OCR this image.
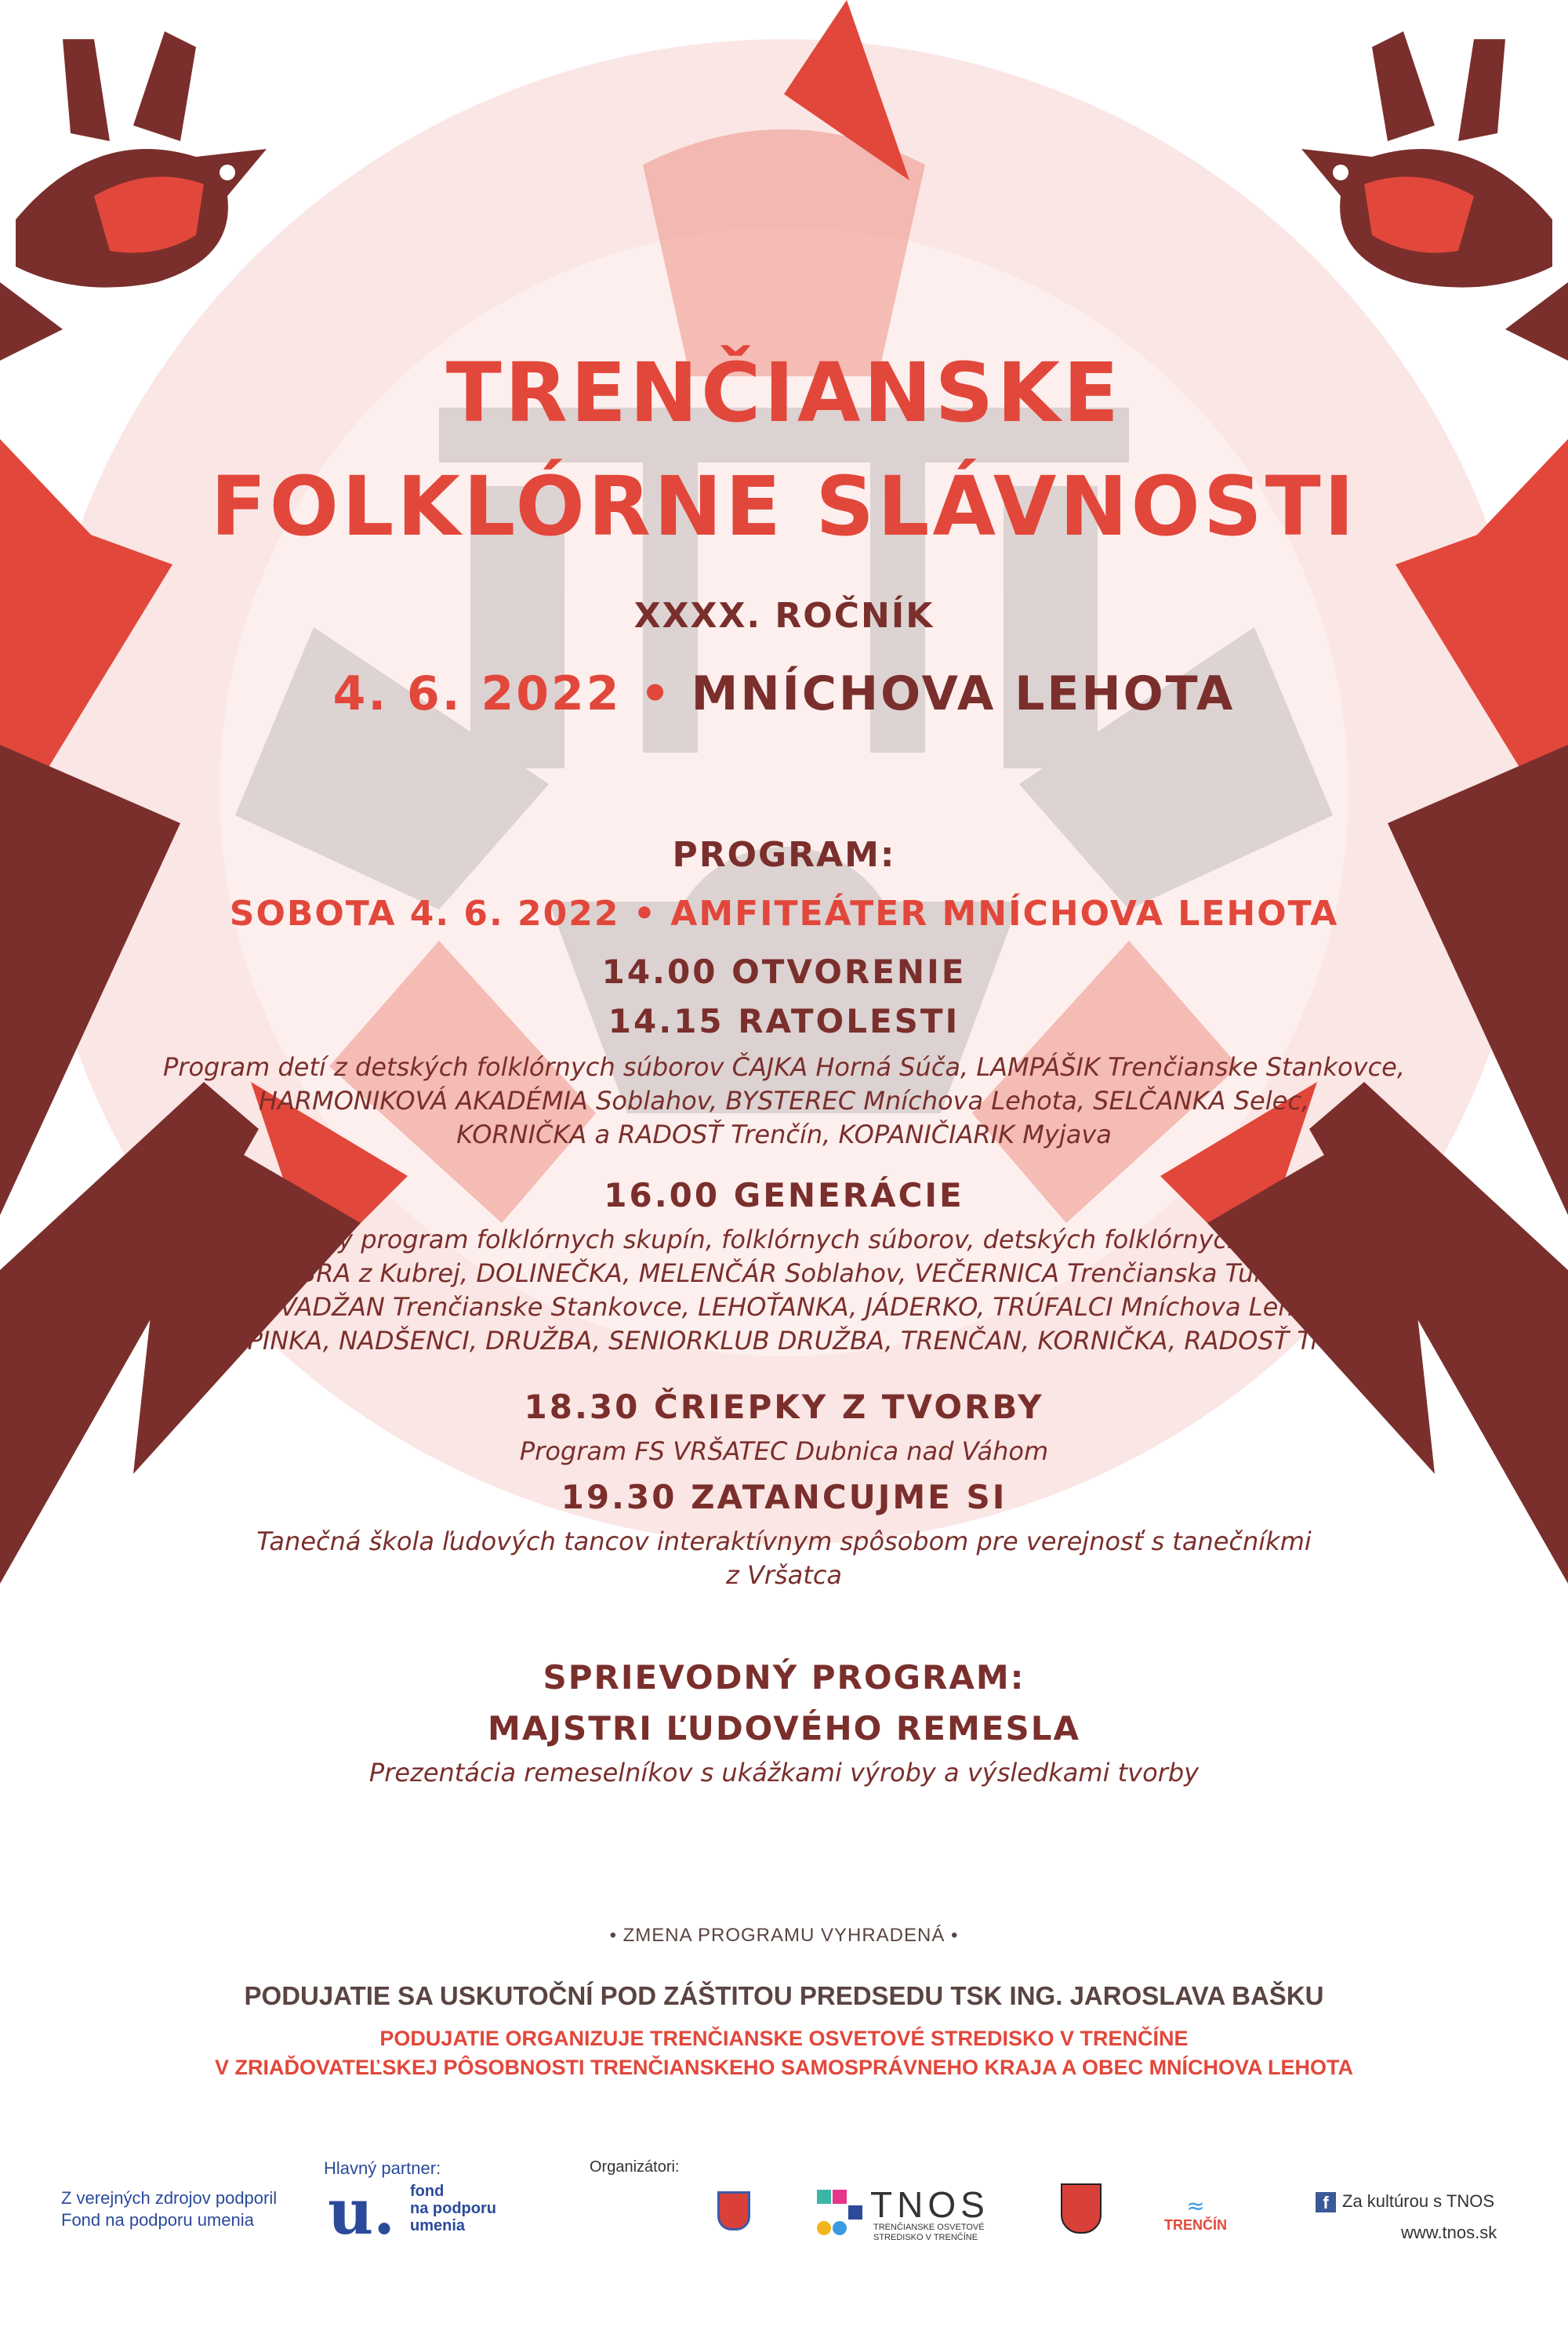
TRENČIANSKE
FOLKLÓRNE SLÁVNOSTI
XXXX. ROČNÍK
4. 6. 2022 • MNÍCHOVA LEHOTA
PROGRAM:
SOBOTA 4. 6. 2022 • AMFITEÁTER MNÍCHOVA LEHOTA
14.00 OTVORENIE
14.15 RATOLESTI
Program detí z detských folklórnych súborov ČAJKA Horná Súča, LAMPÁŠIK Trenčianske Stankovce,
HARMONIKOVÁ AKADÉMIA Soblahov, BYSTEREC Mníchova Lehota, SELČANKA Selec,
KORNIČKA a RADOSŤ Trenčín, KOPANIČIARIK Myjava
16.00 GENERÁCIE
Generačný program folklórnych skupín, folklórnych súborov, detských folklórnych súborov
KUBRA z Kubrej, DOLINEČKA, MELENČÁR Soblahov, VEČERNICA Trenčianska Turná,
ROZVADŽAN Trenčianske Stankovce, LEHOŤANKA, JÁDERKO, TRÚFALCI Mníchova Lehota,
ŠKRUPINKA, NADŠENCI, DRUŽBA, SENIORKLUB DRUŽBA, TRENČAN, KORNIČKA, RADOSŤ Trenčín
18.30 ČRIEPKY Z TVORBY
Program FS VRŠATEC Dubnica nad Váhom
19.30 ZATANCUJME SI
Tanečná škola ľudových tancov interaktívnym spôsobom pre verejnosť s tanečníkmi
z Vršatca
SPRIEVODNÝ PROGRAM:
MAJSTRI ĽUDOVÉHO REMESLA
Prezentácia remeselníkov s ukážkami výroby a výsledkami tvorby
• ZMENA PROGRAMU VYHRADENÁ •
PODUJATIE SA USKUTOČNÍ POD ZÁŠTITOU PREDSEDU TSK ING. JAROSLAVA BAŠKU
PODUJATIE ORGANIZUJE TRENČIANSKE OSVETOVÉ STREDISKO V TRENČÍNE
V ZRIAĎOVATEĽSKEJ PÔSOBNOSTI TRENČIANSKEHO SAMOSPRÁVNEHO KRAJA A OBEC MNÍCHOVA LEHOTA
Z verejných zdrojov podporil
Fond na podporu umenia
Hlavný partner:
u. fond
na podporu
umenia
Organizátori:
TNOS
TRENČIANSKE OSVETOVÉ
STREDISKO V TRENČÍNE
≈
TRENČÍN
f Za kultúrou s TNOS
www.tnos.sk
